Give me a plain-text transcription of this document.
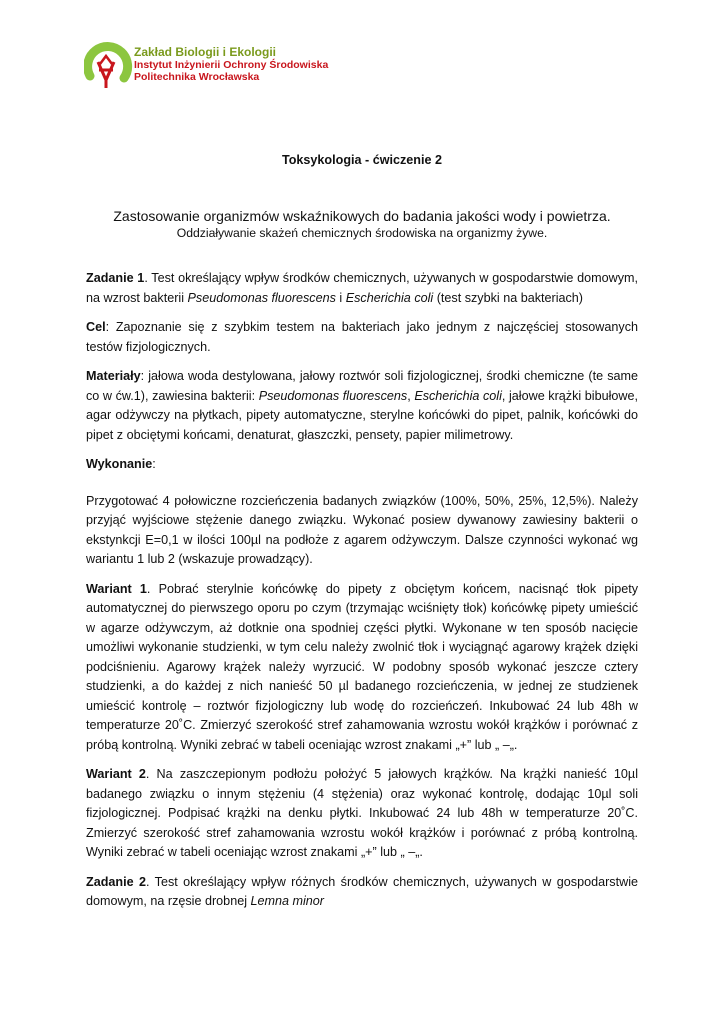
Zakład Biologii i Ekologii
Instytut Inżynierii Ochrony Środowiska
Politechnika Wrocławska
Toksykologia - ćwiczenie 2
Zastosowanie organizmów wskaźnikowych do badania jakości wody i powietrza.
Oddziaływanie skażeń chemicznych środowiska na organizmy żywe.

Zadanie 1. Test określający wpływ środków chemicznych, używanych w gospodarstwie domowym, na wzrost bakterii Pseudomonas fluorescens i Escherichia coli (test szybki na bakteriach)

Cel: Zapoznanie się z szybkim testem na bakteriach jako jednym z najczęściej stosowanych testów fizjologicznych.

Materiały: jałowa woda destylowana, jałowy roztwór soli fizjologicznej, środki chemiczne (te same co w ćw.1), zawiesina bakterii: Pseudomonas fluorescens, Escherichia coli, jałowe krążki bibułowe, agar odżywczy na płytkach, pipety automatyczne, sterylne końcówki do pipet, palnik, końcówki do pipet z obciętymi końcami, denaturat, głaszczki, pensety, papier milimetrowy.

Wykonanie:

Przygotować 4 połowiczne rozcieńczenia badanych związków (100%, 50%, 25%, 12,5%). Należy przyjąć wyjściowe stężenie danego związku. Wykonać posiew dywanowy zawiesiny bakterii o ekstynkcji E=0,1 w ilości 100µl na podłoże z agarem odżywczym. Dalsze czynności wykonać wg wariantu 1 lub 2 (wskazuje prowadzący).

Wariant 1. Pobrać sterylnie końcówkę do pipety z obciętym końcem, nacisnąć tłok pipety automatycznej do pierwszego oporu po czym (trzymając wciśnięty tłok) końcówkę pipety umieścić w agarze odżywczym, aż dotknie ona spodniej części płytki. Wykonane w ten sposób nacięcie umożliwi wykonanie studzienki, w tym celu należy zwolnić tłok i wyciągnąć agarowy krążek dzięki podciśnieniu. Agarowy krążek należy wyrzucić. W podobny sposób wykonać jeszcze cztery studzienki, a do każdej z nich nanieść 50 µl badanego rozcieńczenia, w jednej ze studzienek umieścić kontrolę – roztwór fizjologiczny lub wodę do rozcieńczeń. Inkubować 24 lub 48h w temperaturze 20˚C. Zmierzyć szerokość stref zahamowania wzrostu wokół krążków i porównać z próbą kontrolną. Wyniki zebrać w tabeli oceniając wzrost znakami „+” lub „ –„.

Wariant 2. Na zaszczepionym podłożu położyć 5 jałowych krążków. Na krążki nanieść 10µl badanego związku o innym stężeniu (4 stężenia) oraz wykonać kontrolę, dodając 10µl soli fizjologicznej. Podpisać krążki na denku płytki. Inkubować 24 lub 48h w temperaturze 20˚C. Zmierzyć szerokość stref zahamowania wzrostu wokół krążków i porównać z próbą kontrolną. Wyniki zebrać w tabeli oceniając wzrost znakami „+” lub „ –„.

Zadanie 2. Test określający wpływ różnych środków chemicznych, używanych w gospodarstwie domowym, na rzęsie drobnej Lemna minor
